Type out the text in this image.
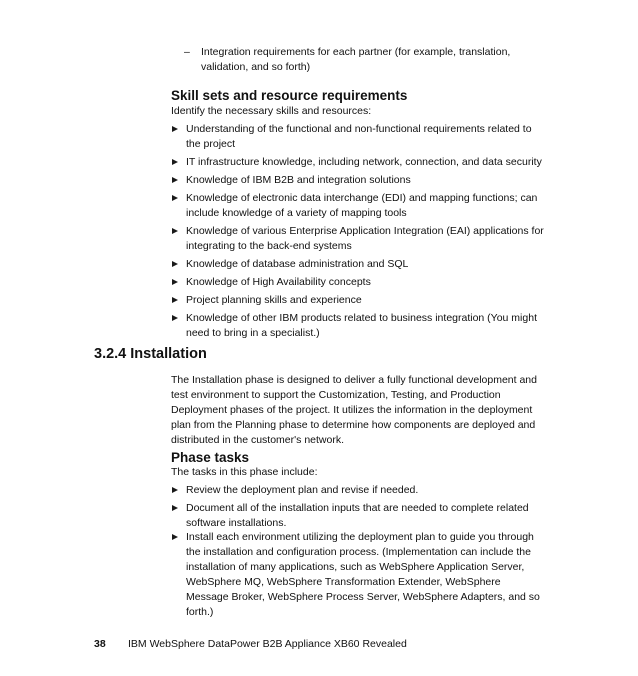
– Integration requirements for each partner (for example, translation, validation, and so forth)
Skill sets and resource requirements
Identify the necessary skills and resources:
Understanding of the functional and non-functional requirements related to the project
IT infrastructure knowledge, including network, connection, and data security
Knowledge of IBM B2B and integration solutions
Knowledge of electronic data interchange (EDI) and mapping functions; can include knowledge of a variety of mapping tools
Knowledge of various Enterprise Application Integration (EAI) applications for integrating to the back-end systems
Knowledge of database administration and SQL
Knowledge of High Availability concepts
Project planning skills and experience
Knowledge of other IBM products related to business integration (You might need to bring in a specialist.)
3.2.4 Installation
The Installation phase is designed to deliver a fully functional development and test environment to support the Customization, Testing, and Production Deployment phases of the project. It utilizes the information in the deployment plan from the Planning phase to determine how components are deployed and distributed in the customer's network.
Phase tasks
The tasks in this phase include:
Review the deployment plan and revise if needed.
Document all of the installation inputs that are needed to complete related software installations.
Install each environment utilizing the deployment plan to guide you through the installation and configuration process. (Implementation can include the installation of many applications, such as WebSphere Application Server, WebSphere MQ, WebSphere Transformation Extender, WebSphere Message Broker, WebSphere Process Server, WebSphere Adapters, and so forth.)
38 IBM WebSphere DataPower B2B Appliance XB60 Revealed
